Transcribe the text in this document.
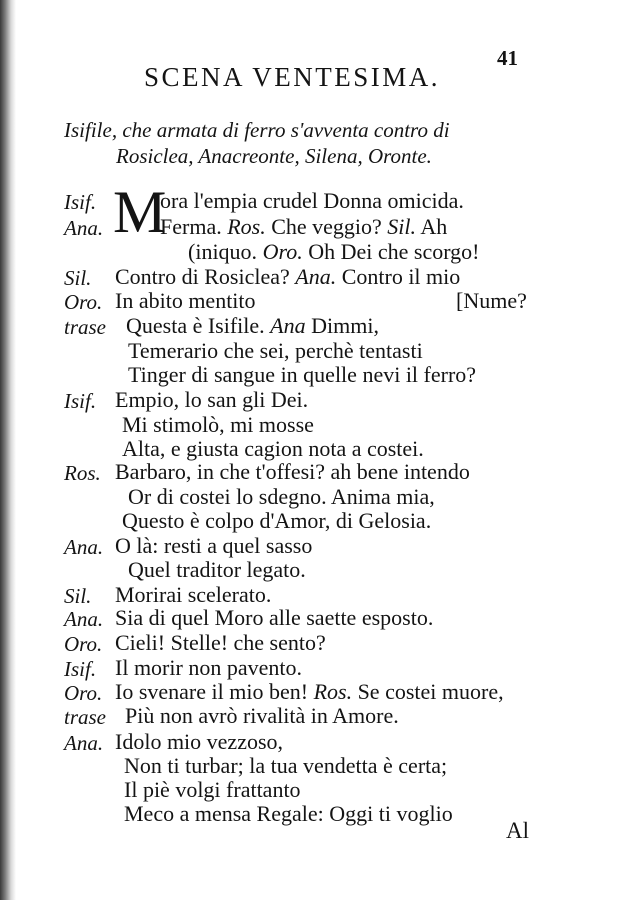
41
SCENA VENTESIMA.
Isifile, che armata di ferro s'avventa contro di
Rosiclea, Anacreonte, Silena, Oronte.
Isif.
Ana.
Sil.
Oro.
trase
Isif.
Ros.
Ana.
Sil.
Ana.
Oro.
Isif.
Oro.
trase
Ana.
M
ora l'empia crudel Donna omicida.
Ferma. Ros. Che veggio? Sil. Ah
(iniquo. Oro. Oh Dei che scorgo!
Contro di Rosiclea? Ana. Contro il mio
In abito mentito	[Nume?
Questa è Isifile. Ana Dimmi,
Temerario che sei, perchè tentasti
Tinger di sangue in quelle nevi il ferro?
Empio, lo san gli Dei.
Mi stimolò, mi mosse
Alta, e giusta cagion nota a costei.
Barbaro, in che t'offesi? ah bene intendo
Or di costei lo sdegno. Anima mia,
Questo è colpo d'Amor, di Gelosia.
O là: resti a quel sasso
Quel traditor legato.
Morirai scelerato.
Sia di quel Moro alle saette esposto.
Cieli! Stelle! che sento?
Il morir non pavento.
Io svenare il mio ben! Ros. Se costei muore,
Più non avrò rivalità in Amore.
Idolo mio vezzoso,
Non ti turbar; la tua vendetta è certa;
Il piè volgi frattanto
Meco a mensa Regale: Oggi ti voglio
Al
